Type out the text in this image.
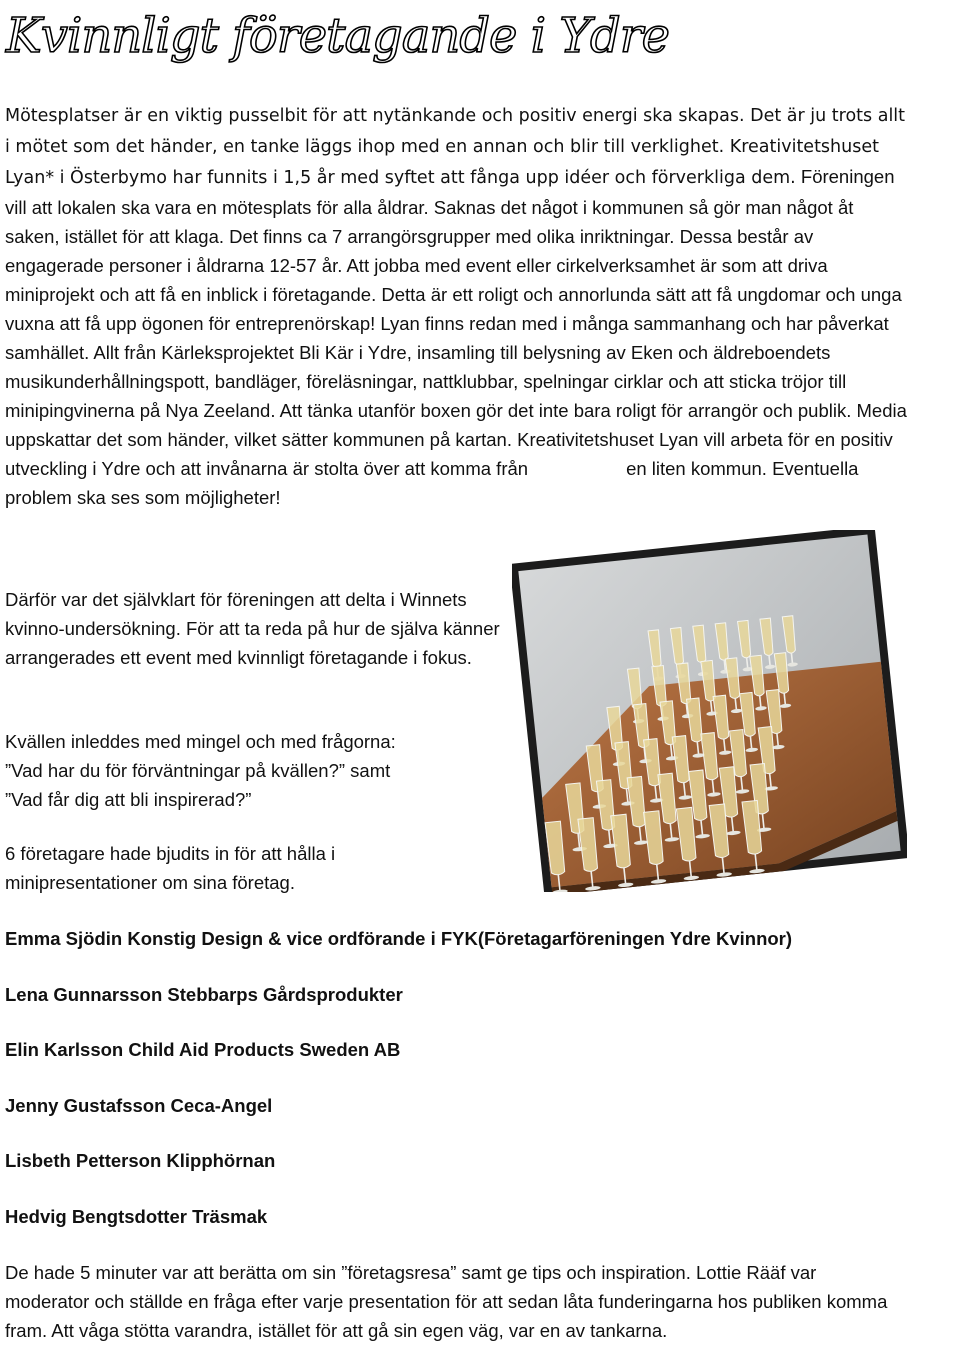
Kvinnligt företagande i Ydre

Mötesplatser är en viktig pusselbit för att nytänkande och positiv energi ska skapas. Det är ju trots allt i mötet som det händer, en tanke läggs ihop med en annan och blir till verklighet. Kreativitetshuset Lyan* i Österbymo har funnits i 1,5 år med syftet att fånga upp idéer och förverkliga dem. Föreningen vill att lokalen ska vara en mötesplats för alla åldrar. Saknas det något i kommunen så gör man något åt saken, istället för att klaga. Det finns ca 7 arrangörsgrupper med olika inriktningar. Dessa består av engagerade personer i åldrarna 12-57 år. Att jobba med event eller cirkelverksamhet är som att driva miniprojekt och att få en inblick i företagande. Detta är ett roligt och annorlunda sätt att få ungdomar och unga vuxna att få upp ögonen för entreprenörskap! Lyan finns redan med i många sammanhang och har påverkat samhället. Allt från Kärleksprojektet Bli Kär i Ydre, insamling till belysning av Eken och äldreboendets musikunderhållningspott, bandläger, föreläsningar, nattklubbar, spelningar cirklar och att sticka tröjor till minipingvinerna på Nya Zeeland. Att tänka utanför boxen gör det inte bara roligt för arrangör och publik. Media uppskattar det som händer, vilket sätter kommunen på kartan. Kreativitetshuset Lyan vill arbeta för en positiv utveckling i Ydre och att invånarna är stolta över att komma från	en liten kommun. Eventuella problem ska ses som möjligheter!

Därför var det självklart för föreningen att delta i Winnets kvinno-undersökning. För att ta reda på hur de själva känner arrangerades ett event med kvinnligt företagande i fokus.

Kvällen inleddes med mingel och med frågorna:
”Vad har du för förväntningar på kvällen?” samt
”Vad får dig att bli inspirerad?”

6 företagare hade bjudits in för att hålla i minipresentationer om sina företag.

Emma Sjödin Konstig Design & vice ordförande i FYK(Företagarföreningen Ydre Kvinnor)

Lena Gunnarsson Stebbarps Gårdsprodukter

Elin Karlsson Child Aid Products Sweden AB

Jenny Gustafsson Ceca-Angel

Lisbeth Petterson Klipphörnan

Hedvig Bengtsdotter Träsmak

De hade 5 minuter var att berätta om sin ”företagsresa” samt ge tips och inspiration. Lottie Rääf var moderator och ställde en fråga efter varje presentation för att sedan låta funderingarna hos publiken komma fram. Att våga stötta varandra, istället för att gå sin egen väg, var en av tankarna.
